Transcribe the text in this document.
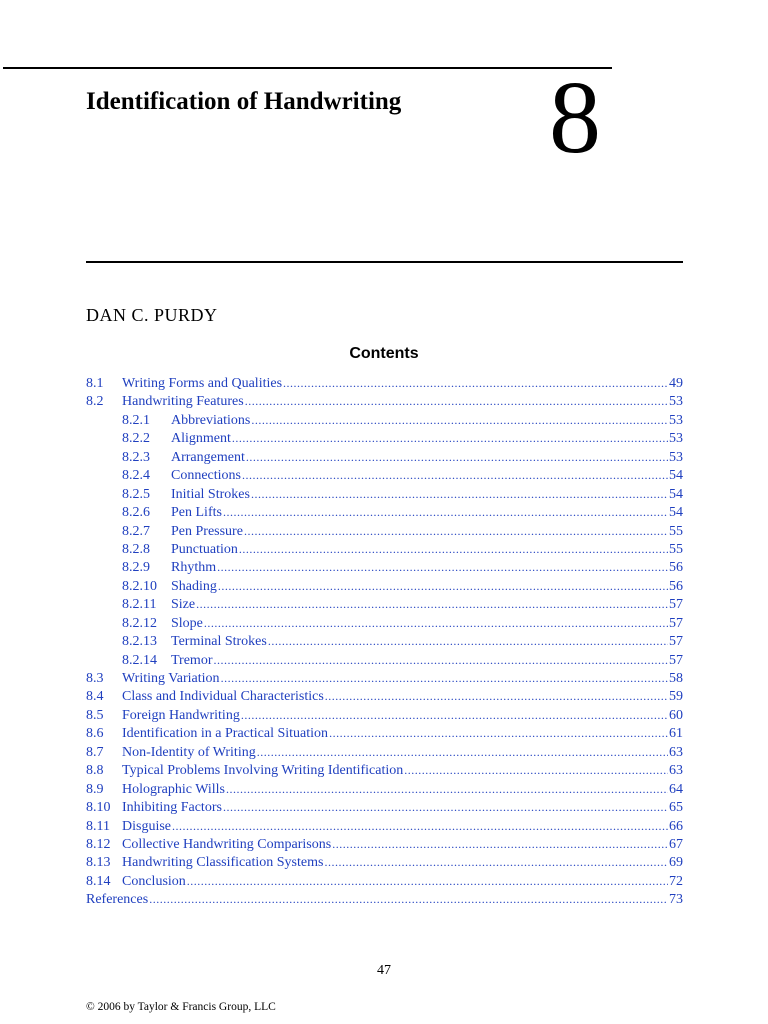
Identification of Handwriting 8
DAN C. PURDY
Contents
8.1	Writing Forms and Qualities .....	49
8.2	Handwriting Features .....	53
8.2.1	Abbreviations .....	53
8.2.2	Alignment .....	53
8.2.3	Arrangement .....	53
8.2.4	Connections .....	54
8.2.5	Initial Strokes .....	54
8.2.6	Pen Lifts .....	54
8.2.7	Pen Pressure .....	55
8.2.8	Punctuation .....	55
8.2.9	Rhythm .....	56
8.2.10	Shading .....	56
8.2.11	Size .....	57
8.2.12	Slope .....	57
8.2.13	Terminal Strokes .....	57
8.2.14	Tremor .....	57
8.3	Writing Variation .....	58
8.4	Class and Individual Characteristics .....	59
8.5	Foreign Handwriting .....	60
8.6	Identification in a Practical Situation .....	61
8.7	Non-Identity of Writing .....	63
8.8	Typical Problems Involving Writing Identification .....	63
8.9	Holographic Wills .....	64
8.10 Inhibiting Factors .....	65
8.11 Disguise .....	66
8.12 Collective Handwriting Comparisons .....	67
8.13 Handwriting Classification Systems .....	69
8.14 Conclusion .....	72
References .....	73
47
© 2006 by Taylor & Francis Group, LLC
